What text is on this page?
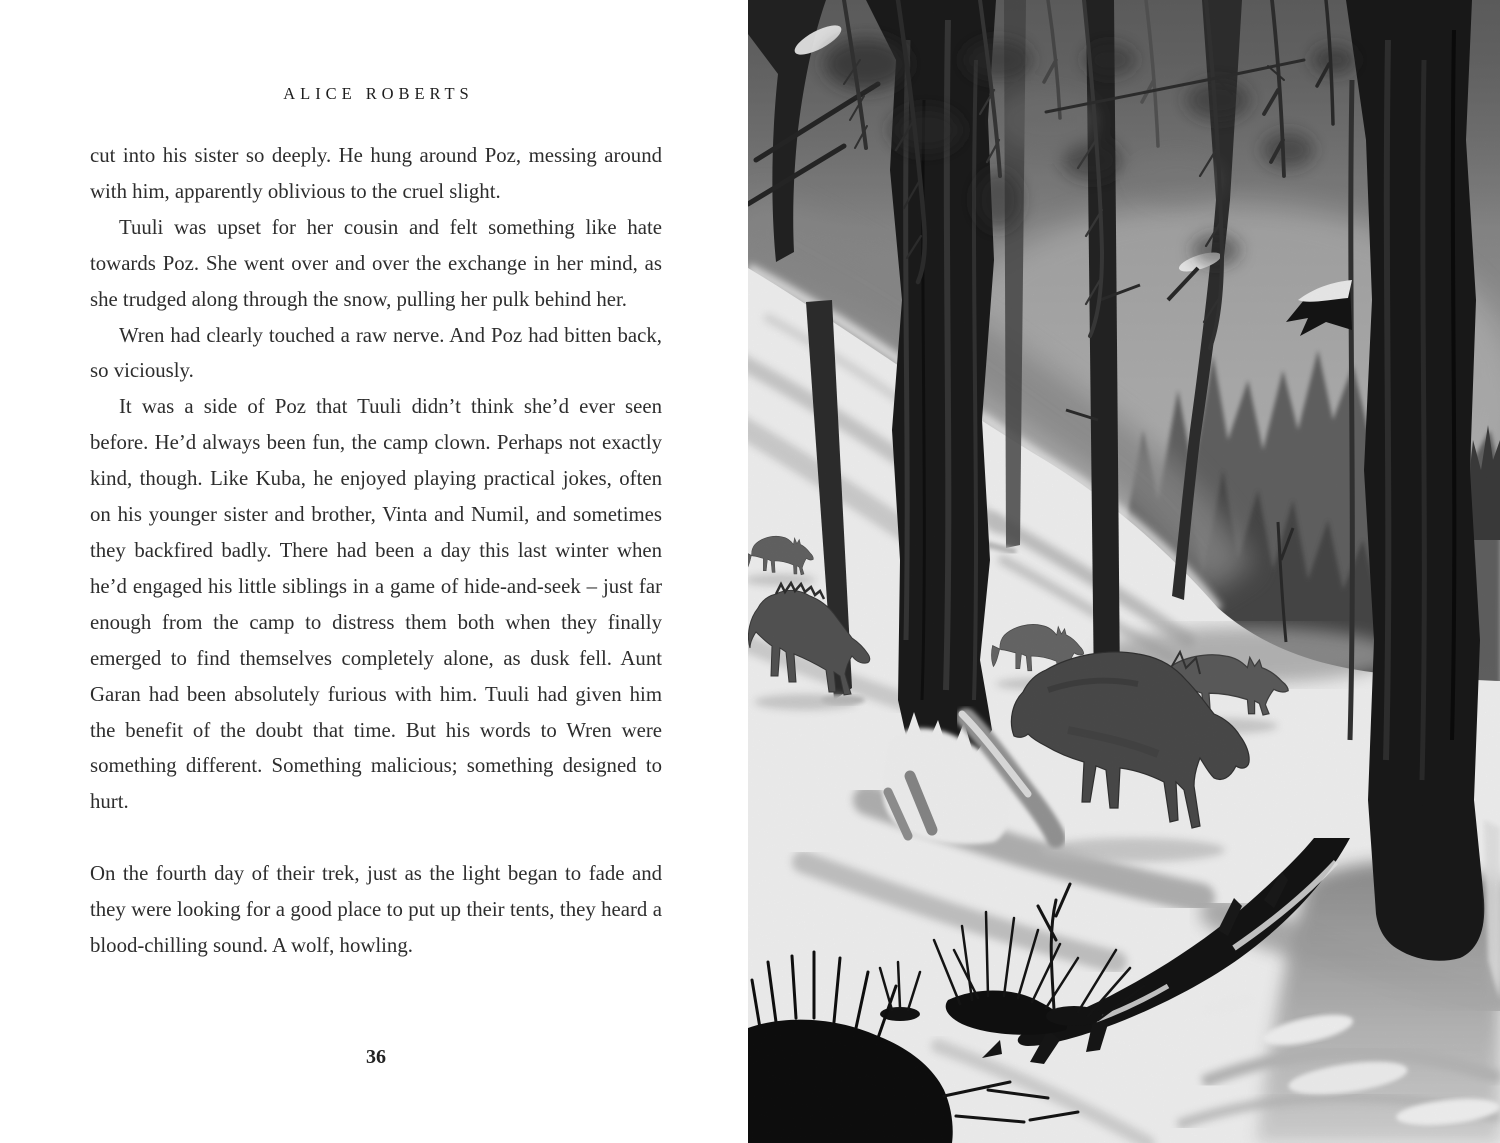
ALICE ROBERTS

cut into his sister so deeply. He hung around Poz, messing around with him, apparently oblivious to the cruel slight.

Tuuli was upset for her cousin and felt something like hate towards Poz. She went over and over the exchange in her mind, as she trudged along through the snow, pulling her pulk behind her.

Wren had clearly touched a raw nerve. And Poz had bitten back, so viciously.

It was a side of Poz that Tuuli didn’t think she’d ever seen before. He’d always been fun, the camp clown. Perhaps not exactly kind, though. Like Kuba, he enjoyed playing practical jokes, often on his younger sister and brother, Vinta and Numil, and sometimes they backfired badly. There had been a day this last winter when he’d engaged his little siblings in a game of hide-and-seek – just far enough from the camp to distress them both when they finally emerged to find themselves completely alone, as dusk fell. Aunt Garan had been absolutely furious with him. Tuuli had given him the benefit of the doubt that time. But his words to Wren were something different. Something malicious; something designed to hurt.

On the fourth day of their trek, just as the light began to fade and they were looking for a good place to put up their tents, they heard a blood-chilling sound. A wolf, howling.

36
